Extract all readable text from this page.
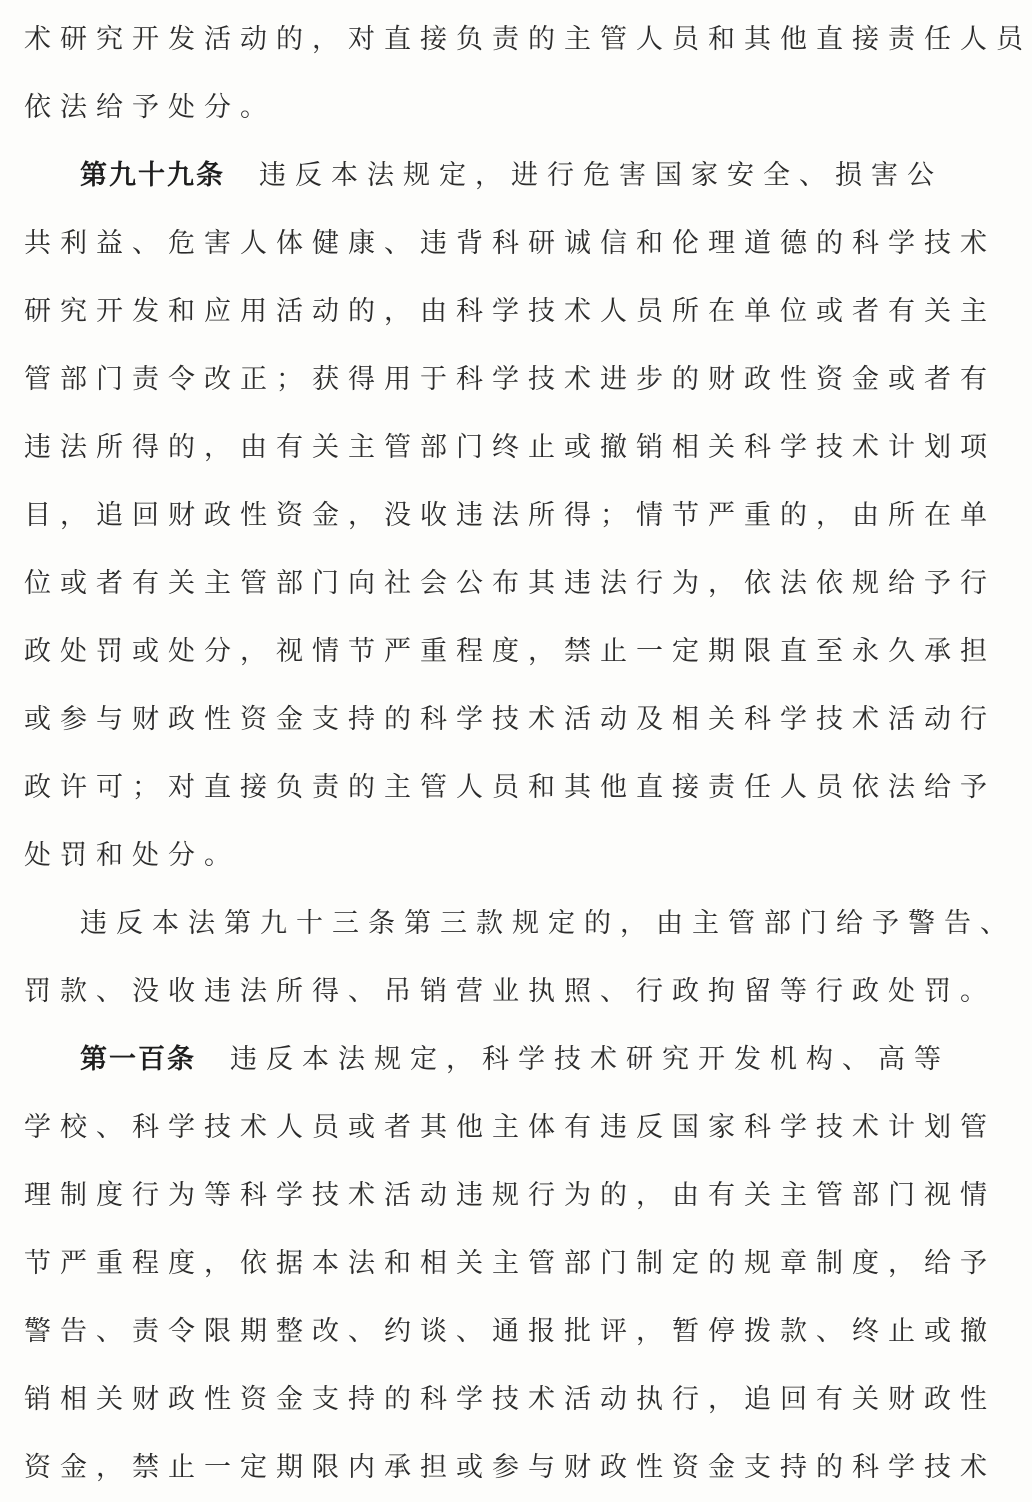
术研究开发活动的，对直接负责的主管人员和其他直接责任人员
依法给予处分。
第九十九条 违反本法规定，进行危害国家安全、损害公
共利益、危害人体健康、违背科研诚信和伦理道德的科学技术
研究开发和应用活动的，由科学技术人员所在单位或者有关主
管部门责令改正；获得用于科学技术进步的财政性资金或者有
违法所得的，由有关主管部门终止或撤销相关科学技术计划项
目，追回财政性资金，没收违法所得；情节严重的，由所在单
位或者有关主管部门向社会公布其违法行为，依法依规给予行
政处罚或处分，视情节严重程度，禁止一定期限直至永久承担
或参与财政性资金支持的科学技术活动及相关科学技术活动行
政许可；对直接负责的主管人员和其他直接责任人员依法给予
处罚和处分。
违反本法第九十三条第三款规定的，由主管部门给予警告、
罚款、没收违法所得、吊销营业执照、行政拘留等行政处罚。
第一百条 违反本法规定，科学技术研究开发机构、高等
学校、科学技术人员或者其他主体有违反国家科学技术计划管
理制度行为等科学技术活动违规行为的，由有关主管部门视情
节严重程度，依据本法和相关主管部门制定的规章制度，给予
警告、责令限期整改、约谈、通报批评，暂停拨款、终止或撤
销相关财政性资金支持的科学技术活动执行，追回有关财政性
资金，禁止一定期限内承担或参与财政性资金支持的科学技术
